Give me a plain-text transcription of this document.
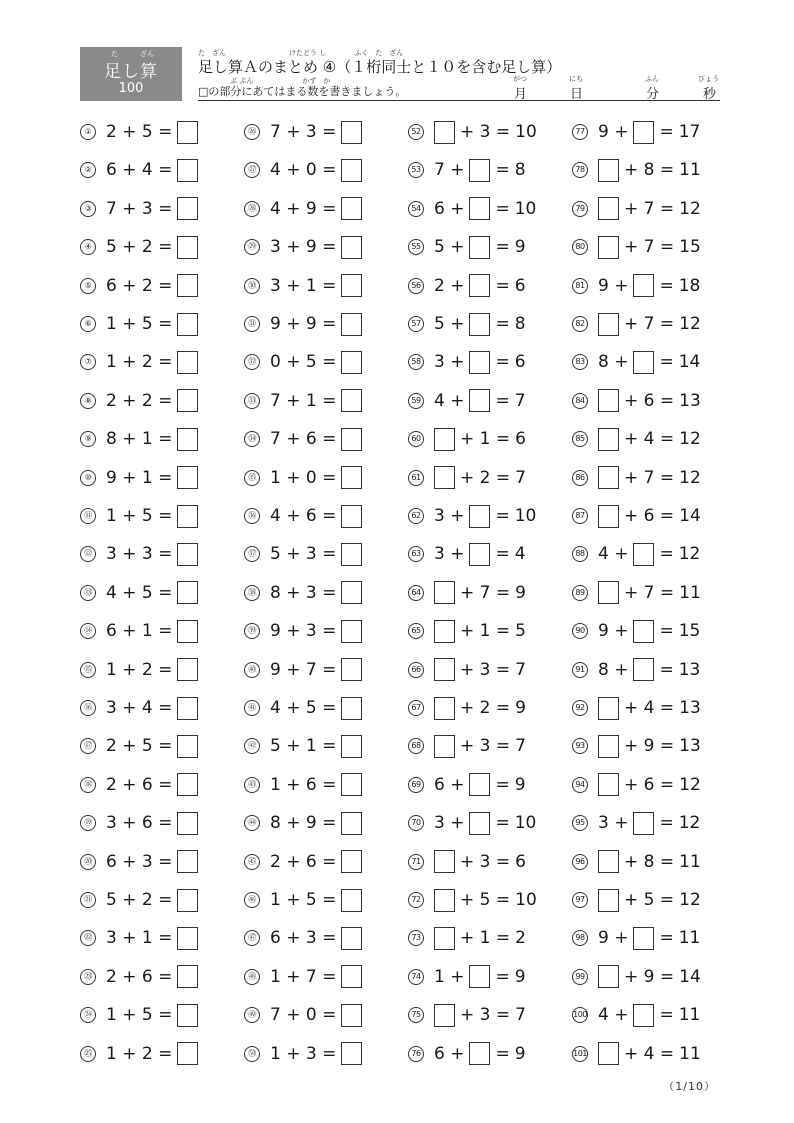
た	ざん
足し算
100
た　ざん　　　　　　　　　けたどう し　　　　ふく　た　ざん
足し算Ａのまとめ ④（１桁同士と１０を含む足し算）
ぶ ぶん　　　　　　　かず　か
□の部分にあてはまる数を書きましょう。
がつ
月
にち
日
ふん
分
びょう
秒
① 2 + 5 =
② 6 + 4 =
③ 7 + 3 =
④ 5 + 2 =
⑤ 6 + 2 =
⑥ 1 + 5 =
⑦ 1 + 2 =
⑧ 2 + 2 =
⑨ 8 + 1 =
⑩ 9 + 1 =
⑪ 1 + 5 =
⑫ 3 + 3 =
⑬ 4 + 5 =
⑭ 6 + 1 =
⑮ 1 + 2 =
⑯ 3 + 4 =
⑰ 2 + 5 =
⑱ 2 + 6 =
⑲ 3 + 6 =
⑳ 6 + 3 =
㉑ 5 + 2 =
㉒ 3 + 1 =
㉓ 2 + 6 =
㉔ 1 + 5 =
㉕ 1 + 2 =
㉖ 7 + 3 =
㉗ 4 + 0 =
㉘ 4 + 9 =
㉙ 3 + 9 =
㉚ 3 + 1 =
㉛ 9 + 9 =
㉜ 0 + 5 =
㉝ 7 + 1 =
㉞ 7 + 6 =
㉟ 1 + 0 =
㊱ 4 + 6 =
㊲ 5 + 3 =
㊳ 8 + 3 =
㊴ 9 + 3 =
㊵ 9 + 7 =
㊶ 4 + 5 =
㊷ 5 + 1 =
㊸ 1 + 6 =
㊹ 8 + 9 =
㊺ 2 + 6 =
㊻ 1 + 5 =
㊼ 6 + 3 =
㊽ 1 + 7 =
㊾ 7 + 0 =
㊿ 1 + 3 =
52 + 3 = 10
53 7 + = 8
54 6 + = 10
55 5 + = 9
56 2 + = 6
57 5 + = 8
58 3 + = 6
59 4 + = 7
60 + 1 = 6
61 + 2 = 7
62 3 + = 10
63 3 + = 4
64 + 7 = 9
65 + 1 = 5
66 + 3 = 7
67 + 2 = 9
68 + 3 = 7
69 6 + = 9
70 3 + = 10
71 + 3 = 6
72 + 5 = 10
73 + 1 = 2
74 1 + = 9
75 + 3 = 7
76 6 + = 9
77 9 + = 17
78 + 8 = 11
79 + 7 = 12
80 + 7 = 15
81 9 + = 18
82 + 7 = 12
83 8 + = 14
84 + 6 = 13
85 + 4 = 12
86 + 7 = 12
87 + 6 = 14
88 4 + = 12
89 + 7 = 11
90 9 + = 15
91 8 + = 13
92 + 4 = 13
93 + 9 = 13
94 + 6 = 12
95 3 + = 12
96 + 8 = 11
97 + 5 = 12
98 9 + = 11
99 + 9 = 14
100 4 + = 11
101 + 4 = 11
（1/10）
